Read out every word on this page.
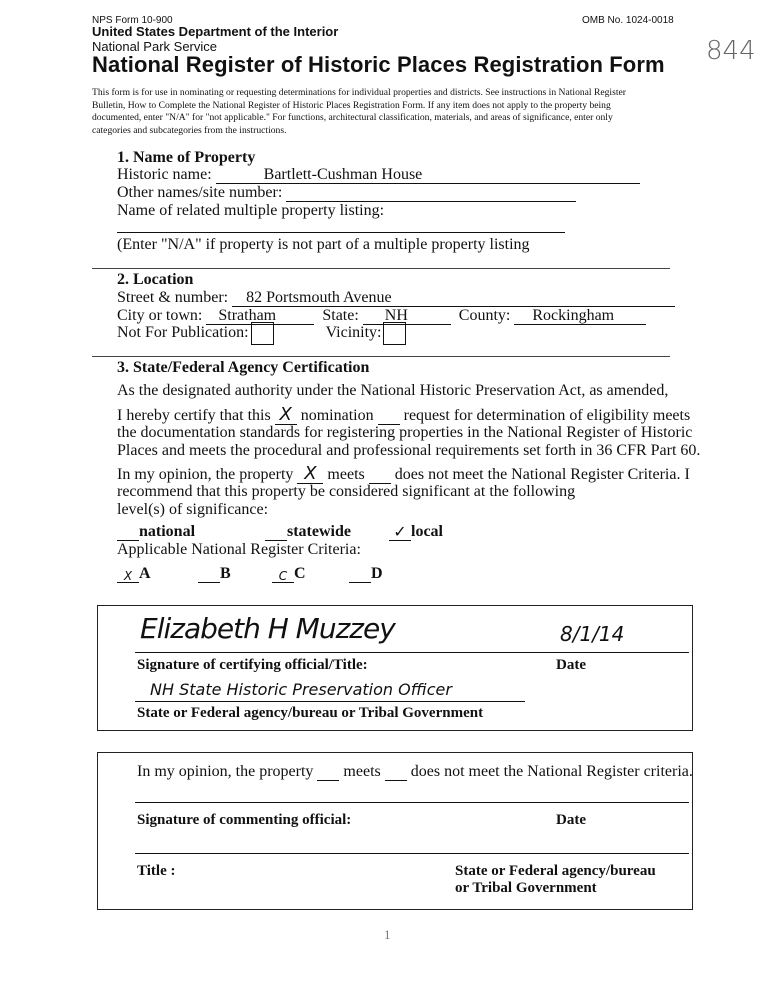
NPS Form 10-900	OMB No. 1024-0018
844
United States Department of the Interior
National Park Service
National Register of Historic Places Registration Form
This form is for use in nominating or requesting determinations for individual properties and districts. See instructions in National Register
Bulletin, How to Complete the National Register of Historic Places Registration Form. If any item does not apply to the property being
documented, enter "N/A" for "not applicable." For functions, architectural classification, materials, and areas of significance, enter only
categories and subcategories from the instructions.
1. Name of Property
Historic name:	Bartlett-Cushman House
Other names/site number:
Name of related multiple property listing:
(Enter "N/A" if property is not part of a multiple property listing
2. Location
Street & number: 82 Portsmouth Avenue
City or town: Stratham	State: NH	County: Rockingham
Not For Publication:	Vicinity:
3. State/Federal Agency Certification
As the designated authority under the National Historic Preservation Act, as amended,
I hereby certify that this X nomination request for determination of eligibility meets
the documentation standards for registering properties in the National Register of Historic
Places and meets the procedural and professional requirements set forth in 36 CFR Part 60.
In my opinion, the property X meets does not meet the National Register Criteria. I
recommend that this property be considered significant at the following
level(s) of significance:
national	statewide	✓ local
Applicable National Register Criteria:
X A	B	C C	D
Elizabeth H Muzzey	8/1/14
Signature of certifying official/Title:	Date
NH State Historic Preservation Officer
State or Federal agency/bureau or Tribal Government
In my opinion, the property meets does not meet the National Register criteria.
Signature of commenting official:	Date
Title :	State or Federal agency/bureau
or Tribal Government
1
